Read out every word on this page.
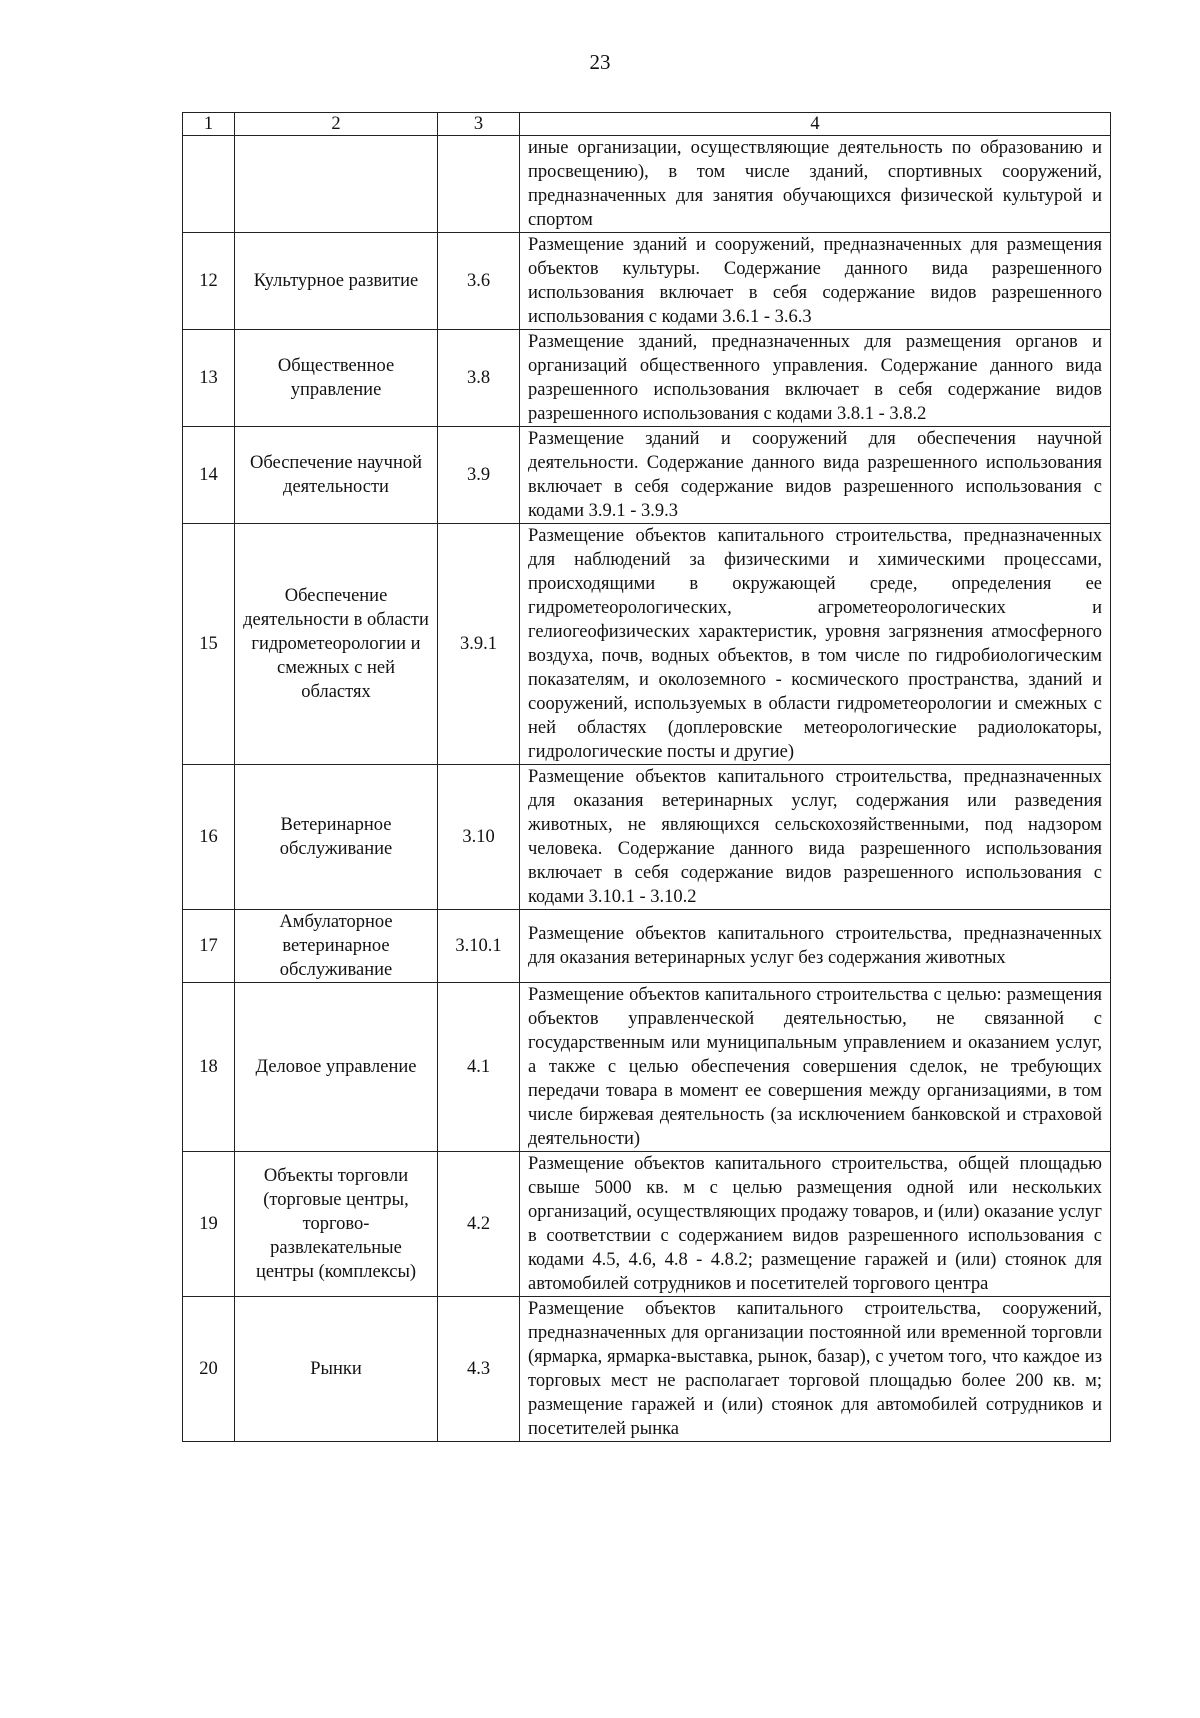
23
1	2	3	4
			иные организации, осуществляющие деятельность по образованию и просвещению), в том числе зданий, спортивных сооружений, предназначенных для занятия обучающихся физической культурой и спортом
12	Культурное развитие	3.6	Размещение зданий и сооружений, предназначенных для размещения объектов культуры. Содержание данного вида разрешенного использования включает в себя содержание видов разрешенного использования с кодами 3.6.1 - 3.6.3
13	Общественное управление	3.8	Размещение зданий, предназначенных для размещения органов и организаций общественного управления. Содержание данного вида разрешенного использования включает в себя содержание видов разрешенного использования с кодами 3.8.1 - 3.8.2
14	Обеспечение научной деятельности	3.9	Размещение зданий и сооружений для обеспечения научной деятельности. Содержание данного вида разрешенного использования включает в себя содержание видов разрешенного использования с кодами 3.9.1 - 3.9.3
15	Обеспечение деятельности в области гидрометеорологии и смежных с ней областях	3.9.1	Размещение объектов капитального строительства, предназначенных для наблюдений за физическими и химическими процессами, происходящими в окружающей среде, определения ее гидрометеорологических, агрометеорологических и гелиогеофизических характеристик, уровня загрязнения атмосферного воздуха, почв, водных объектов, в том числе по гидробиологическим показателям, и околоземного - космического пространства, зданий и сооружений, используемых в области гидрометеорологии и смежных с ней областях (доплеровские метеорологические радиолокаторы, гидрологические посты и другие)
16	Ветеринарное обслуживание	3.10	Размещение объектов капитального строительства, предназначенных для оказания ветеринарных услуг, содержания или разведения животных, не являющихся сельскохозяйственными, под надзором человека. Содержание данного вида разрешенного использования включает в себя содержание видов разрешенного использования с кодами 3.10.1 - 3.10.2
17	Амбулаторное ветеринарное обслуживание	3.10.1	Размещение объектов капитального строительства, предназначенных для оказания ветеринарных услуг без содержания животных
18	Деловое управление	4.1	Размещение объектов капитального строительства с целью: размещения объектов управленческой деятельностью, не связанной с государственным или муниципальным управлением и оказанием услуг, а также с целью обеспечения совершения сделок, не требующих передачи товара в момент ее совершения между организациями, в том числе биржевая деятельность (за исключением банковской и страховой деятельности)
19	Объекты торговли (торговые центры, торгово-развлекательные центры (комплексы)	4.2	Размещение объектов капитального строительства, общей площадью свыше 5000 кв. м с целью размещения одной или нескольких организаций, осуществляющих продажу товаров, и (или) оказание услуг в соответствии с содержанием видов разрешенного использования с кодами 4.5, 4.6, 4.8 - 4.8.2; размещение гаражей и (или) стоянок для автомобилей сотрудников и посетителей торгового центра
20	Рынки	4.3	Размещение объектов капитального строительства, сооружений, предназначенных для организации постоянной или временной торговли (ярмарка, ярмарка-выставка, рынок, базар), с учетом того, что каждое из торговых мест не располагает торговой площадью более 200 кв. м; размещение гаражей и (или) стоянок для автомобилей сотрудников и посетителей рынка
